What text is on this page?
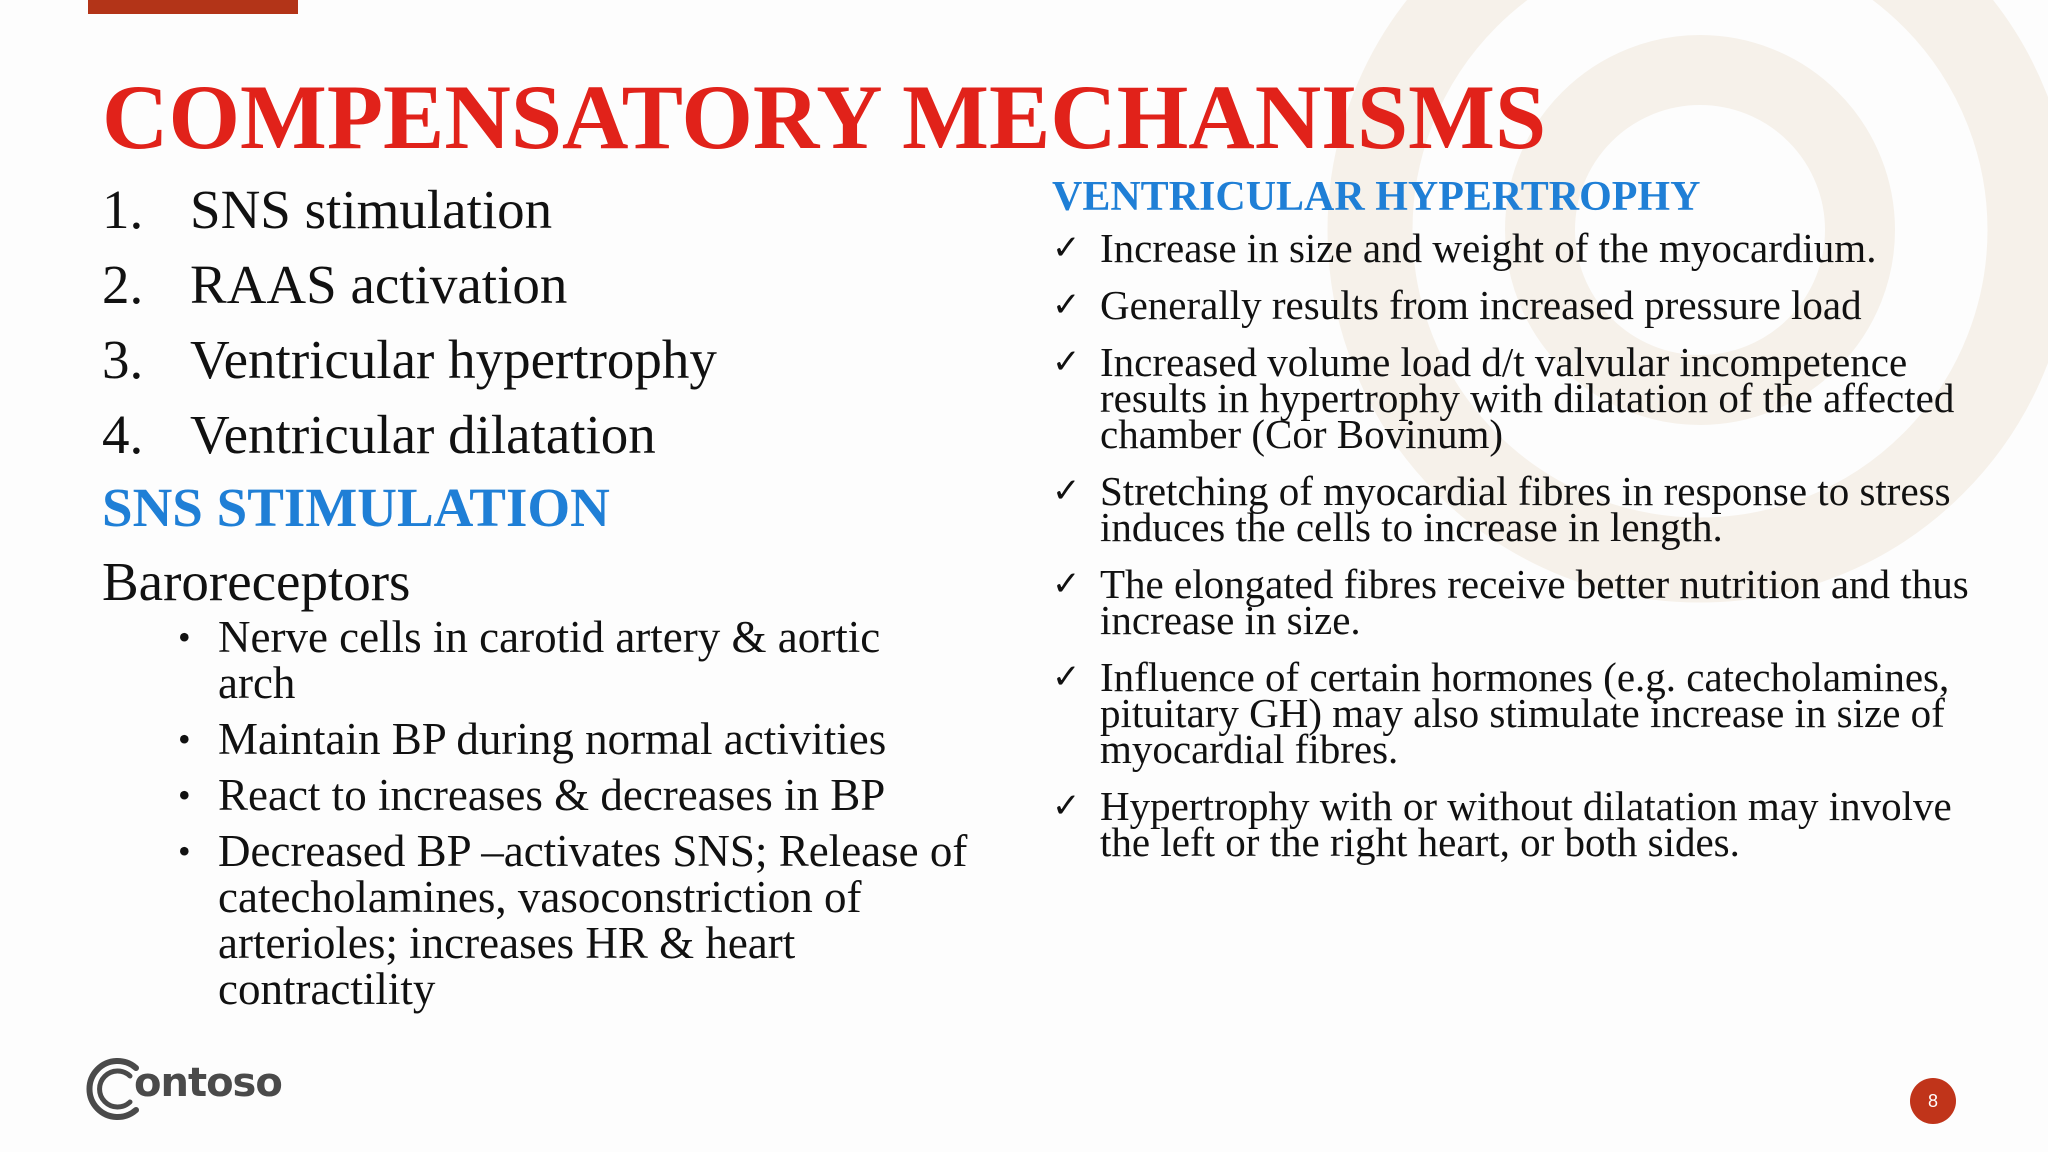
COMPENSATORY MECHANISMS
1. SNS stimulation
2. RAAS activation
3. Ventricular hypertrophy
4. Ventricular dilatation
SNS STIMULATION
Baroreceptors
• Nerve cells in carotid artery & aortic arch
• Maintain BP during normal activities
• React to increases & decreases in BP
• Decreased BP –activates SNS; Release of catecholamines, vasoconstriction of arterioles; increases HR & heart contractility
VENTRICULAR HYPERTROPHY
✓ Increase in size and weight of the myocardium.
✓ Generally results from increased pressure load
✓ Increased volume load d/t valvular incompetence results in hypertrophy with dilatation of the affected chamber (Cor Bovinum)
✓ Stretching of myocardial fibres in response to stress induces the cells to increase in length.
✓ The elongated fibres receive better nutrition and thus increase in size.
✓ Influence of certain hormones (e.g. catecholamines, pituitary GH) may also stimulate increase in size of myocardial fibres.
✓ Hypertrophy with or without dilatation may involve the left or the right heart, or both sides.
ontoso	8
